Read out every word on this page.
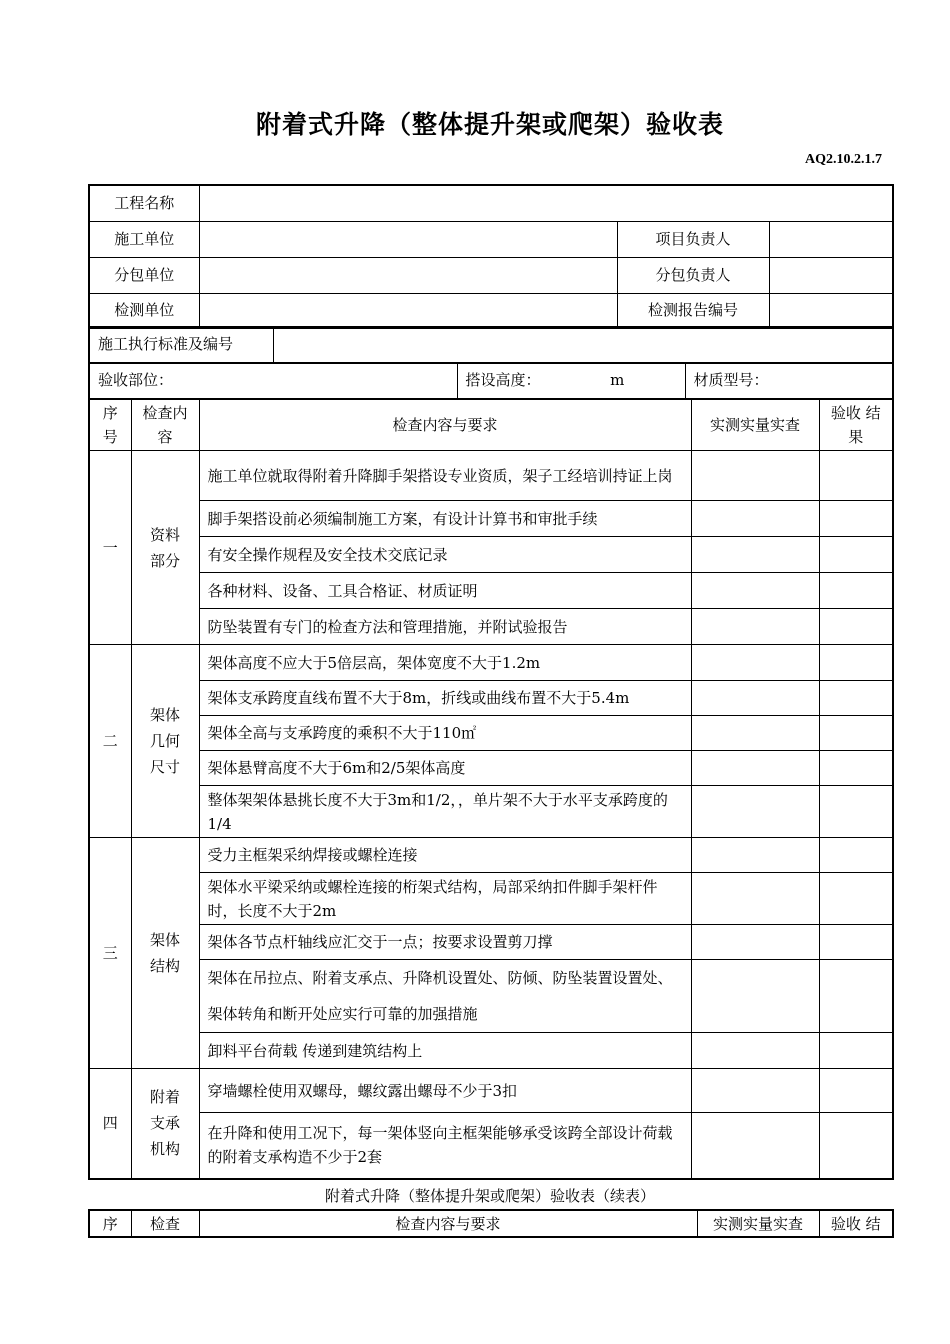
附着式升降（整体提升架或爬架）验收表
AQ2.10.2.1.7
工程名称			
施工单位		项目负责人	
分包单位		分包负责人	
检测单位		检测报告编号	
施工执行标准及编号	
验收部位：	搭设高度：	m	材质型号：
序号	检查内容	检查内容与要求	实测实量实查	验收 结果
一	资料部分	施工单位就取得附着升降脚手架搭设专业资质，架子工经培训持证上岗		
		脚手架搭设前必须编制施工方案，有设计计算书和审批手续		
		有安全操作规程及安全技术交底记录		
		各种材料、设备、工具合格证、材质证明		
		防坠装置有专门的检查方法和管理措施，并附试验报告		
二	架体几何尺寸	架体高度不应大于5倍层高，架体宽度不大于1.2m		
		架体支承跨度直线布置不大于8m，折线或曲线布置不大于5.4m		
		架体全高与支承跨度的乘积不大于110㎡		
		架体悬臂高度不大于6m和2/5架体高度		
		整体架架体悬挑长度不大于3m和1/2，，单片架不大于水平支承跨度的1/4		
三	架体结构	受力主框架采纳焊接或螺栓连接		
		架体水平梁采纳或螺栓连接的桁架式结构，局部采纳扣件脚手架杆件时，长度不大于2m		
		架体各节点杆轴线应汇交于一点；按要求设置剪刀撑		
		架体在吊拉点、附着支承点、升降机设置处、防倾、防坠装置设置处、架体转角和断开处应实行可靠的加强措施		
		卸料平台荷载 传递到建筑结构上		
四	附着支承机构	穿墙螺栓使用双螺母，螺纹露出螺母不少于3扣		
		在升降和使用工况下，每一架体竖向主框架能够承受该跨全部设计荷载的附着支承构造不少于2套		
附着式升降（整体提升架或爬架）验收表（续表）
序	检查	检查内容与要求	实测实量实查	验收 结
